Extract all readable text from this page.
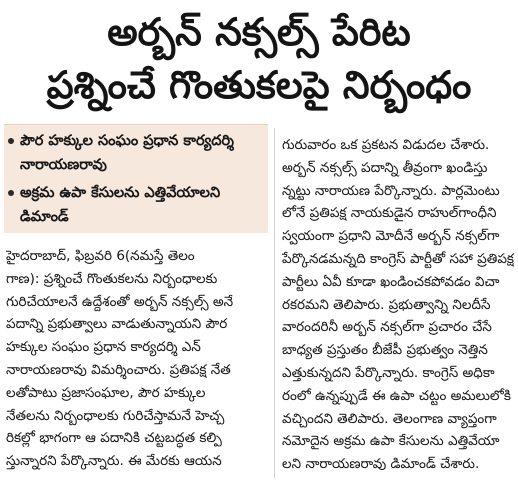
అర్బన్ నక్సల్స్ పేరిట
ప్రశ్నించే గొంతుకలపై నిర్బంధం
పౌర హక్కుల సంఘం ప్రధాన కార్యదర్శి నారాయణరావు
అక్రమ ఉపా కేసులను ఎత్తివేయాలని డిమాండ్
హైదరాబాద్, ఫిబ్రవరి 6(నమస్తే తెలం
గాణ): ప్రశ్నించే గొంతుకలను నిర్బంధాలకు
గురిచేయాలనే ఉద్దేశంతో అర్బన్ నక్సల్స్ అనే
పదాన్ని ప్రభుత్వాలు వాడుతున్నాయని పౌర
హక్కుల సంఘం ప్రధాన కార్యదర్శి ఎన్
నారాయణరావు విమర్శించారు. ప్రతిపక్ష నేత
లతోపాటు ప్రజాసంఘాల, పౌర హక్కుల
నేతలను నిర్బంధాలకు గురిచేస్తామనే హెచ్చ
రికల్లో భాగంగా ఆ పదానికి చట్టబద్ధత కల్పి
స్తున్నారని పేర్కొన్నారు. ఈ మేరకు ఆయన
గురువారం ఒక ప్రకటన విడుదల చేశారు.
అర్బన్ నక్సల్స్ పదాన్ని తీవ్రంగా ఖండిస్తు
న్నట్టు నారాయణ పేర్కొన్నారు. పార్లమెంటు
లోనే ప్రతిపక్ష నాయకుడైన రాహుల్‌గాంధీని
స్వయంగా ప్రధాని మోదీనే అర్బన్ నక్సల్‌గా
పేర్కొనడమన్నది కాంగ్రెస్ పార్టీతో సహా ప్రతిపక్ష
పార్టీలు ఏవీ కూడా ఖండించకపోవడం విచా
రకరమని తెలిపారు. ప్రభుత్వాన్ని నిలదీసే
వారందరినీ అర్బన్ నక్సల్‌గా ప్రచారం చేసే
బాధ్యత ప్రస్తుతం బీజేపీ ప్రభుత్వం నెత్తిన
ఎత్తుకున్నదని పేర్కొన్నారు. కాంగ్రెస్ అధికా
రంలో ఉన్నప్పుడే ఈ ఉపా చట్టం అమలులోకి
వచ్చిందని తెలిపారు. తెలంగాణ వ్యాప్తంగా
నమోదైన అక్రమ ఉపా కేసులను ఎత్తివేయా
లని నారాయణరావు డిమాండ్ చేశారు.
